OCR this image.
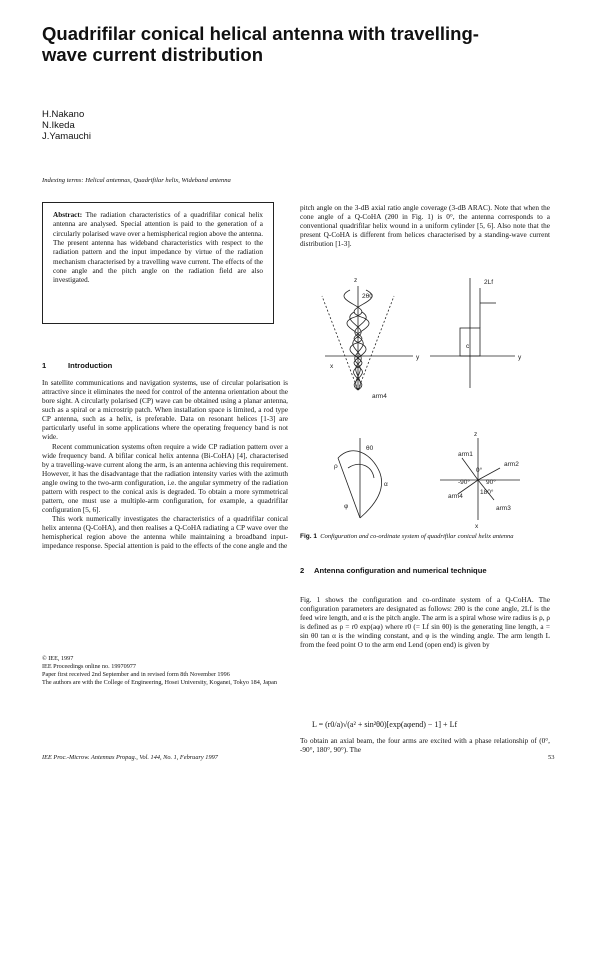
Quadrifilar conical helical antenna with travelling-wave current distribution
H.Nakano
N.Ikeda
J.Yamauchi
Indexing terms: Helical antennas, Quadrifilar helix, Wideband antenna
Abstract: The radiation characteristics of a quadrifilar conical helix antenna are analysed. Special attention is paid to the generation of a circularly polarised wave over a hemispherical region above the antenna. The present antenna has wideband characteristics with respect to the radiation pattern and the input impedance by virtue of the radiation mechanism characterised by a travelling wave current. The effects of the cone angle and the pitch angle on the radiation field are also investigated.
1	Introduction

In satellite communications and navigation systems, use of circular polarisation is attractive since it eliminates the need for control of the antenna orientation about the bore sight. A circularly polarised (CP) wave can be obtained using a planar antenna, such as a spiral or a microstrip patch. When installation space is limited, a rod type CP antenna, such as a helix, is preferable. Data on resonant helices [1-3] are particularly useful in some applications where the operating frequency band is not wide.

Recent communication systems often require a wide CP radiation pattern over a wide frequency band. A bifilar conical helix antenna (Bi-CoHA) [4], characterised by a travelling-wave current along the arm, is an antenna achieving this requirement. However, it has the disadvantage that the radiation intensity varies with the azimuth angle owing to the two-arm configuration, i.e. the angular symmetry of the radiation pattern with respect to the conical axis is degraded. To obtain a more symmetrical pattern, one must use a multiple-arm configuration, for example, a quadrifilar configuration [5, 6].

This work numerically investigates the characteristics of a quadrifilar conical helix antenna (Q-CoHA), and then realises a Q-CoHA radiating a CP wave over the hemispherical region above the antenna while maintaining a broadband input-impedance response. Special attention is paid to the effects of the cone angle and the

© IEE, 1997
IEE Proceedings online no. 19970977
Paper first received 2nd September and in revised form 8th November 1996
The authors are with the College of Engineering, Hosei University, Koganei, Tokyo 184, Japan
IEE Proc.-Microw. Antennas Propag., Vol. 144, No. 1, February 1997	53

pitch angle on the 3-dB axial ratio angle coverage (3-dB ARAC). Note that when the cone angle of a Q-CoHA (2θ0 in Fig. 1) is 0°, the antenna corresponds to a conventional quadrifilar helix wound in a uniform cylinder [5, 6]. Also note that the present Q-CoHA is different from helices characterised by a standing-wave current distribution [1-3].

z
2θ0
y
x
arm4
2Lf
c
y
θ0
ρ
α
φ
z
arm1
arm2
arm3
arm4
0°
90°
-90°
180°
x
Fig. 1 Configuration and co-ordinate system of quadrifilar conical helix antenna
2 Antenna configuration and numerical technique

Fig. 1 shows the configuration and co-ordinate system of a Q-CoHA. The configuration parameters are designated as follows: 2θ0 is the cone angle, 2Lf is the feed wire length, and α is the pitch angle. The arm is a spiral whose wire radius is ρ, ρ is defined as ρ = r0 exp(aφ) where r0 (= Lf sin θ0) is the generating line length, a = sin θ0 tan α is the winding constant, and φ is the winding angle. The arm length L from the feed point O to the arm end Lend (open end) is given by

L = (r0/a)√(a² + sin²θ0)[exp(aφend) − 1] + Lf

To obtain an axial beam, the four arms are excited with a phase relationship of (0°, -90°, 180°, 90°). The
